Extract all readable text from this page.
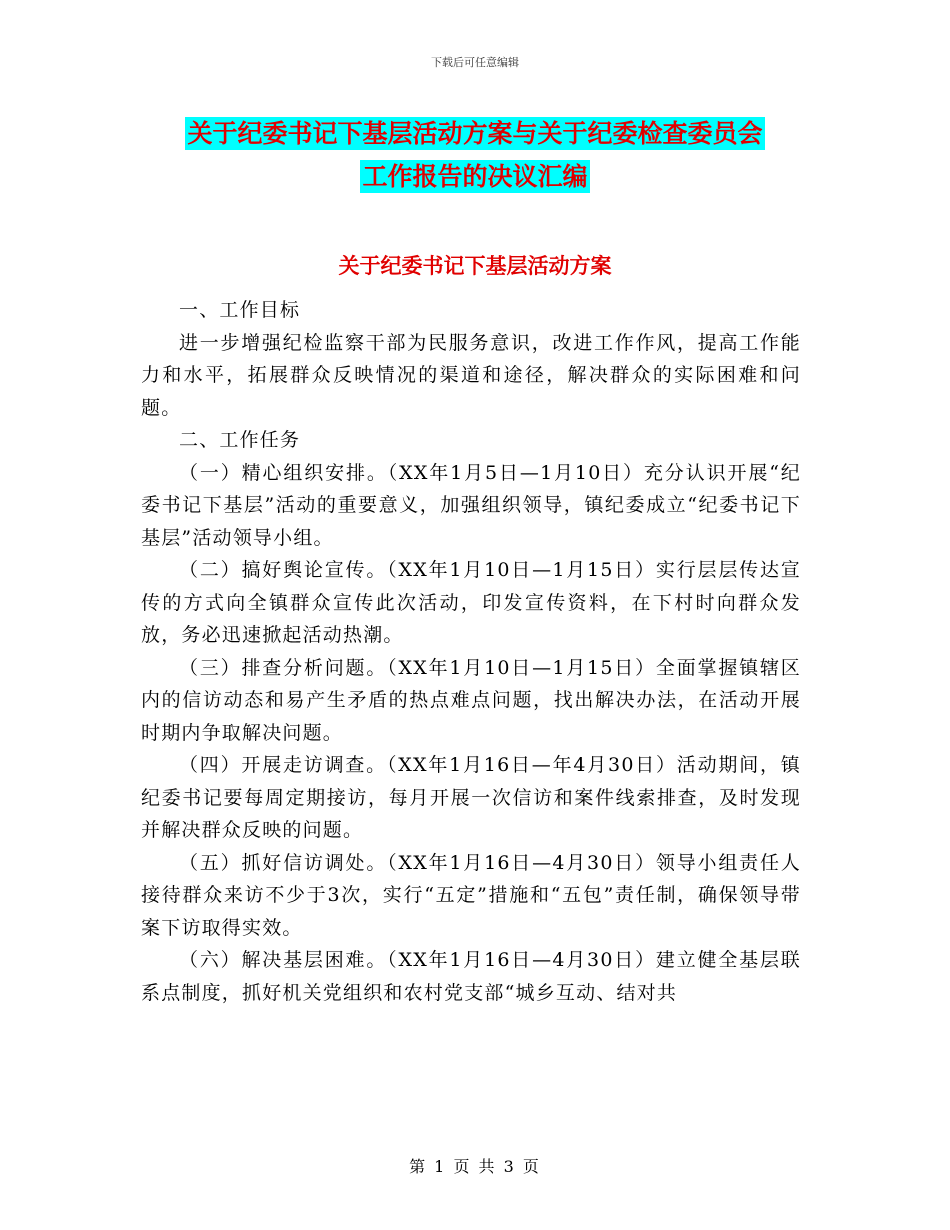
下载后可任意编辑
关于纪委书记下基层活动方案与关于纪委检查委员会
工作报告的决议汇编
关于纪委书记下基层活动方案

一、工作目标

进一步增强纪检监察干部为民服务意识，改进工作作风，提高工作能力和水平，拓展群众反映情况的渠道和途径，解决群众的实际困难和问题。

二、工作任务

（一）精心组织安排。（XX年1月5日—1月10日）充分认识开展“纪委书记下基层”活动的重要意义，加强组织领导，镇纪委成立“纪委书记下基层”活动领导小组。

（二）搞好舆论宣传。（XX年1月10日—1月15日）实行层层传达宣传的方式向全镇群众宣传此次活动，印发宣传资料，在下村时向群众发放，务必迅速掀起活动热潮。

（三）排查分析问题。（XX年1月10日—1月15日）全面掌握镇辖区内的信访动态和易产生矛盾的热点难点问题，找出解决办法，在活动开展时期内争取解决问题。

（四）开展走访调查。（XX年1月16日—年4月30日）活动期间，镇纪委书记要每周定期接访，每月开展一次信访和案件线索排查，及时发现并解决群众反映的问题。

（五）抓好信访调处。（XX年1月16日—4月30日）领导小组责任人接待群众来访不少于3次，实行“五定”措施和“五包”责任制，确保领导带案下访取得实效。

（六）解决基层困难。（XX年1月16日—4月30日）建立健全基层联系点制度，抓好机关党组织和农村党支部“城乡互动、结对共

第 1 页 共 3 页
